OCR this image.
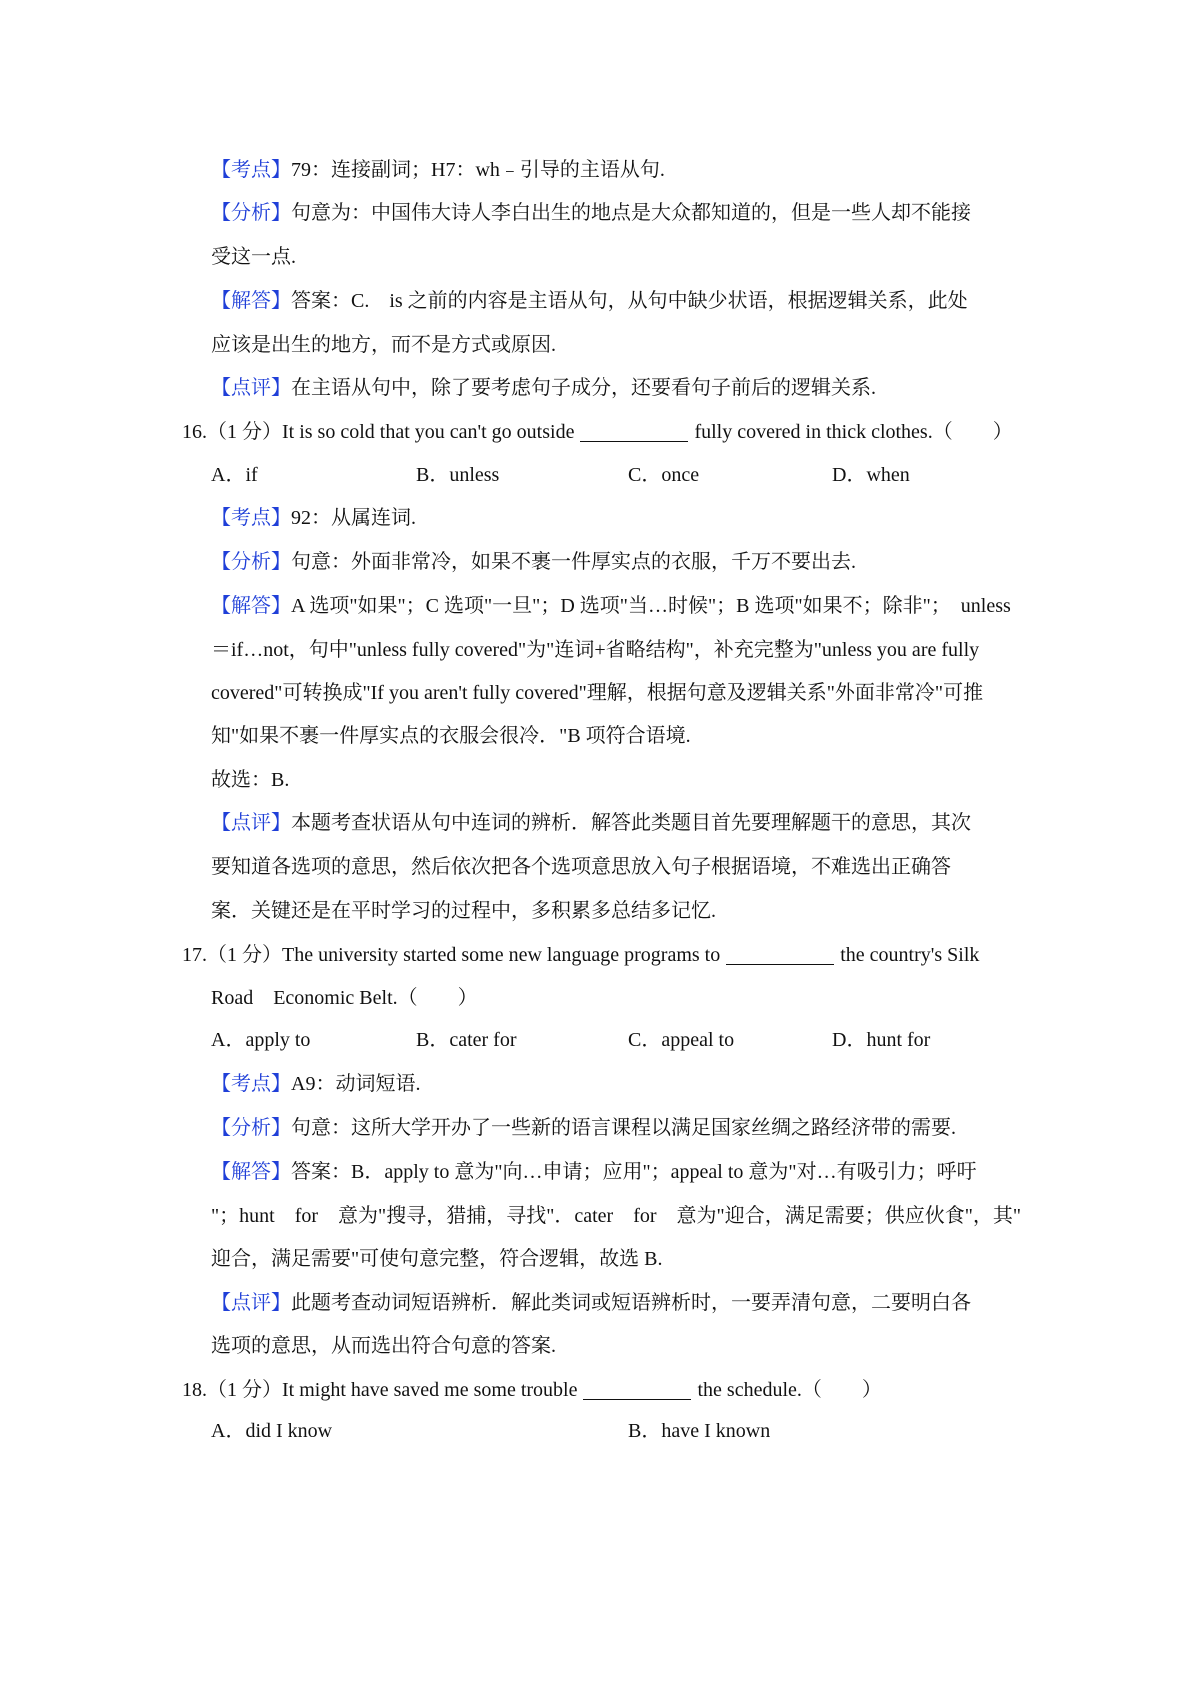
【考点】 79：连接副词；H7：wh﹣引导的主语从句.
【分析】句意为：中国伟大诗人李白出生的地点是大众都知道的，但是一些人却不能接
受这一点.
【解答】答案：C.　is 之前的内容是主语从句，从句中缺少状语，根据逻辑关系，此处
应该是出生的地方，而不是方式或原因.
【点评】 在主语从句中，除了要考虑句子成分，还要看句子前后的逻辑关系.
16.（1 分）It is so cold that you can't go outside	fully covered in thick clothes.（　　）
A．if	B．unless	C．once	D．when
【考点】 92：从属连词.
【分析】 句意：外面非常冷，如果不裹一件厚实点的衣服，千万不要出去.
【解答】A 选项"如果"；C 选项"一旦"；D 选项"当…时候"；B 选项"如果不；除非"；　unless
＝if…not，句中"unless fully covered"为"连词+省略结构"，补充完整为"unless you are fully
covered"可转换成"If you aren't fully covered"理解，根据句意及逻辑关系"外面非常冷"可推
知"如果不裹一件厚实点的衣服会很冷．"B 项符合语境.
故选：B.
【点评】本题考查状语从句中连词的辨析．解答此类题目首先要理解题干的意思，其次
要知道各选项的意思，然后依次把各个选项意思放入句子根据语境，不难选出正确答
案．关键还是在平时学习的过程中，多积累多总结多记忆.
17.（1 分）The university started some new language programs to	the country's Silk
Road　Economic Belt.（　　）
A．apply to	B．cater for	C．appeal to	D．hunt for
【考点】 A9：动词短语.
【分析】 句意：这所大学开办了一些新的语言课程以满足国家丝绸之路经济带的需要.
【解答】答案：B．apply to 意为"向…申请；应用"；appeal to 意为"对…有吸引力；呼吁
"；hunt　for　意为"搜寻，猎捕，寻找"．cater　for　意为"迎合，满足需要；供应伙食"，其"
迎合，满足需要"可使句意完整，符合逻辑，故选 B.
【点评】此题考查动词短语辨析．解此类词或短语辨析时，一要弄清句意，二要明白各
选项的意思，从而选出符合句意的答案.
18.（1 分）It might have saved me some trouble	the schedule.（　　）
A．did I know	B．have I known
